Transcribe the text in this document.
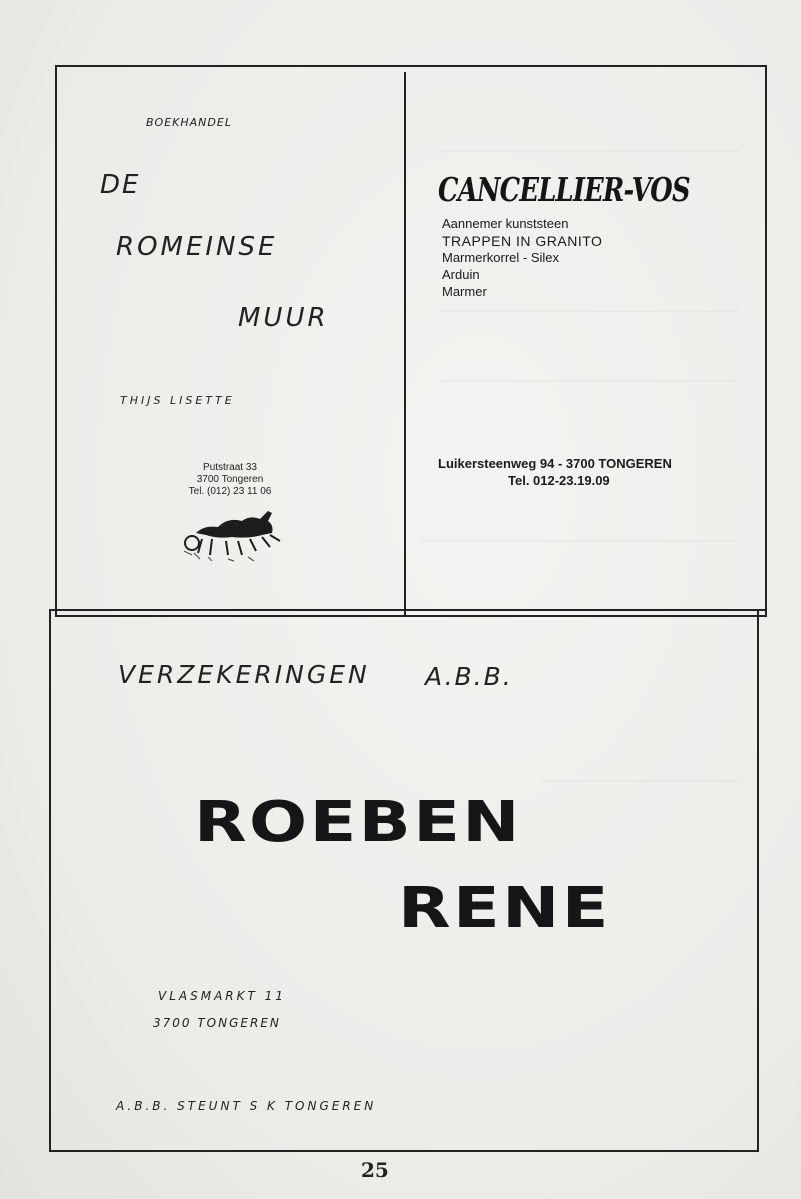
BOEKHANDEL
DE
ROMEINSE
MUUR
THIJS LISETTE
Putstraat 33
3700 Tongeren
Tel. (012) 23 11 06
CANCELLIER-VOS
Aannemer kunststeen
TRAPPEN IN GRANITO
Marmerkorrel - Silex
Arduin
Marmer
Luikersteenweg 94 - 3700 TONGEREN
Tel. 012-23.19.09
VERZEKERINGEN A.B.B.
ROEBEN
RENE
VLASMARKT 11
3700 TONGEREN
A.B.B. STEUNT S K TONGEREN
25
